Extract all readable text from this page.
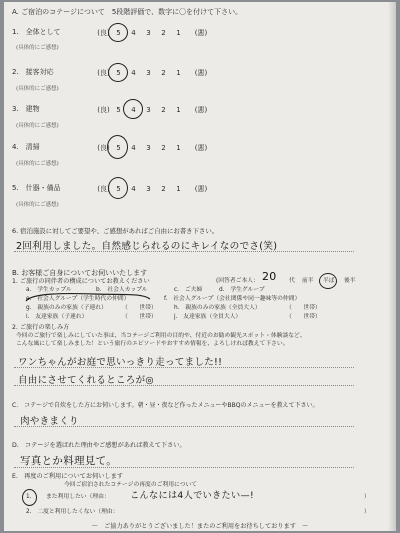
A. ご宿泊のコテージについて　5段階評価で、数字に〇を付けて下さい。
1.　全体として	(良) 5 4 3 2 1 (悪)
(具体的にご感想)
2.　接客対応	(良) 5 4 3 2 1 (悪)
(具体的にご感想)
3.　建物	(良) 5 4 3 2 1 (悪)
(具体的にご感想)
4.　清掃	(良) 5 4 3 2 1 (悪)
(具体的にご感想)
5.　什器・備品	(良) 5 4 3 2 1 (悪)
(具体的にご感想)
6. 宿泊施設に対してご要望や、ご感想があればご自由にお書き下さい。
2回利用しました。自然感じられるのにキレイなのでさ(笑)
B. お客様ご自身についてお伺いいたします
1. ご旅行の同伴者の構成についてお教えください	(回答者ご本人： 20 代 前半 半ば 後半
a.　学生カップル	b.　社会人カップル	c.　ご夫婦	d.　学生グループ
e.　社会人グループ（学生時代の仲間）	f.　社会人グループ（会社関係や同一趣味等の仲間）
g.　親族のみの家族（子連れ）	（　　世帯）	h.　親族のみの家族（全員大人）	（　　世帯）
i.　友達家族（子連れ）	（　　世帯）	j.　友達家族（全員大人）	（　　世帯）
2. ご旅行の楽しみ方
今回のご旅行で楽しみにしていた事は、当コテージご利用の目的や、付近のお勧め観光スポット・体験談など、
こんな風にして楽しみました！という旅行のエピソードやおすすめ情報を、よろしければ教えて下さい。
ワンちゃんがお庭で思いっきり走ってました!!
自由にさせてくれるところが◎
C.　コテージで自炊をした方にお伺いします。朝・昼・夜など作ったメニューやBBQのメニューを教えて下さい。
肉やきまくり
D.　コテージを選ばれた理由やご感想があれば教えて下さい。
写真とか料理見て。
E.　再度のご利用についてお伺いします
今回ご宿泊されたコテージの再度のご利用について
1. また利用したい（理由： こんなには4人でいきたい—!	）
2.　二度と利用したくない（理由：	）
〜　ご協力ありがとうございました！またのご利用をお待ちしております　〜
